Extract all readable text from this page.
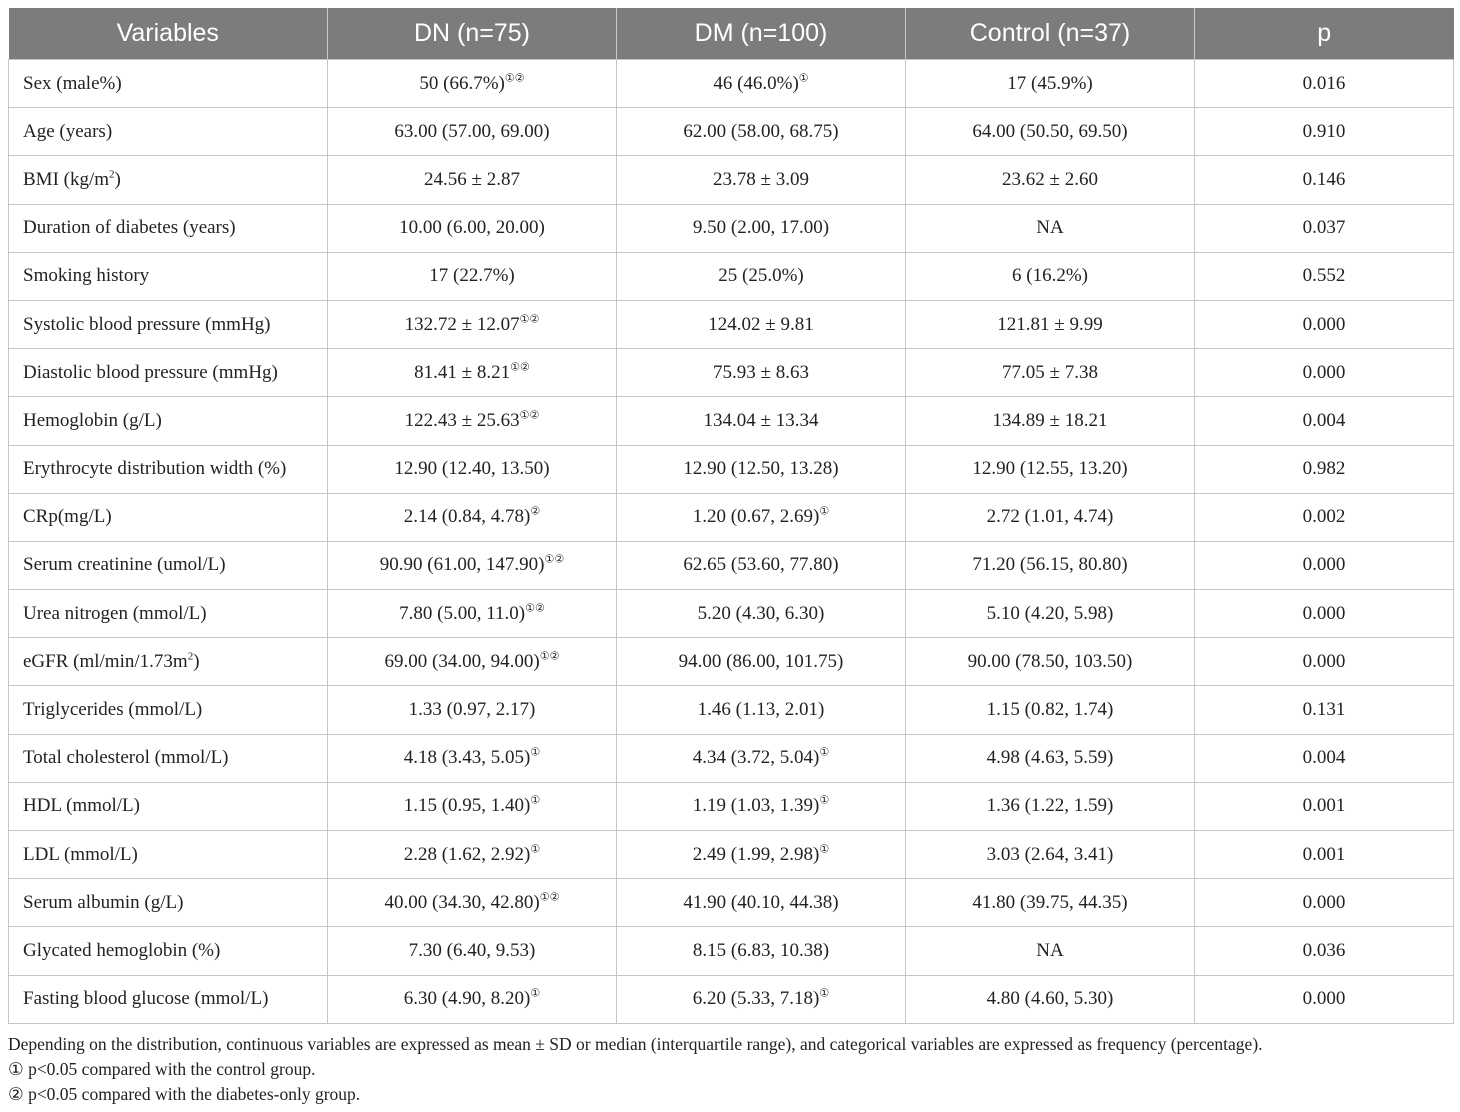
Variables	DN (n=75)	DM (n=100)	Control (n=37)	p
Sex (male%)	50 (66.7%)①②	46 (46.0%)①	17 (45.9%)	0.016
Age (years)	63.00 (57.00, 69.00)	62.00 (58.00, 68.75)	64.00 (50.50, 69.50)	0.910
BMI $(kg/m^2)$	24.56 ± 2.87	23.78 ± 3.09	23.62 ± 2.60	0.146
Duration of diabetes (years)	10.00 (6.00, 20.00)	9.50 (2.00, 17.00)	NA	0.037
Smoking history	17 (22.7%)	25 (25.0%)	6 (16.2%)	0.552
Systolic blood pressure (mmHg)	132.72 ± 12.07①②	124.02 ± 9.81	121.81 ± 9.99	0.000
Diastolic blood pressure (mmHg)	81.41 ± 8.21①②	75.93 ± 8.63	77.05 ± 7.38	0.000
Hemoglobin (g/L)	122.43 ± 25.63①②	134.04 ± 13.34	134.89 ± 18.21	0.004
Erythrocyte distribution width (%)	12.90 (12.40, 13.50)	12.90 (12.50, 13.28)	12.90 (12.55, 13.20)	0.982
CRp(mg/L)	2.14 (0.84, 4.78)②	1.20 (0.67, 2.69)①	2.72 (1.01, 4.74)	0.002
Serum creatinine (umol/L)	90.90 (61.00, 147.90)①②	62.65 (53.60, 77.80)	71.20 (56.15, 80.80)	0.000
Urea nitrogen (mmol/L)	7.80 (5.00, 11.0)①②	5.20 (4.30, 6.30)	5.10 (4.20, 5.98)	0.000
eGFR $(ml/\min/1.73m^2)$	69.00 (34.00, 94.00)①②	94.00 (86.00, 101.75)	90.00 (78.50, 103.50)	0.000
Triglycerides (mmol/L)	1.33 (0.97, 2.17)	1.46 (1.13, 2.01)	1.15 (0.82, 1.74)	0.131
Total cholesterol (mmol/L)	4.18 (3.43, 5.05)①	4.34 (3.72, 5.04)①	4.98 (4.63, 5.59)	0.004
HDL (mmol/L)	1.15 (0.95, 1.40)①	1.19 (1.03, 1.39)①	1.36 (1.22, 1.59)	0.001
LDL (mmol/L)	2.28 (1.62, 2.92)①	2.49 (1.99, 2.98)①	3.03 (2.64, 3.41)	0.001
Serum albumin (g/L)	40.00 (34.30, 42.80)①②	41.90 (40.10, 44.38)	41.80 (39.75, 44.35)	0.000
Glycated hemoglobin (%)	7.30 (6.40, 9.53)	8.15 (6.83, 10.38)	NA	0.036
Fasting blood glucose (mmol/L)	6.30 (4.90, 8.20)①	6.20 (5.33, 7.18)①	4.80 (4.60, 5.30)	0.000
Depending on the distribution, continuous variables are expressed as mean ± SD or median (interquartile range), and categorical variables are expressed as frequency (percentage).
① p<0.05 compared with the control group.
② p<0.05 compared with the diabetes-only group.
